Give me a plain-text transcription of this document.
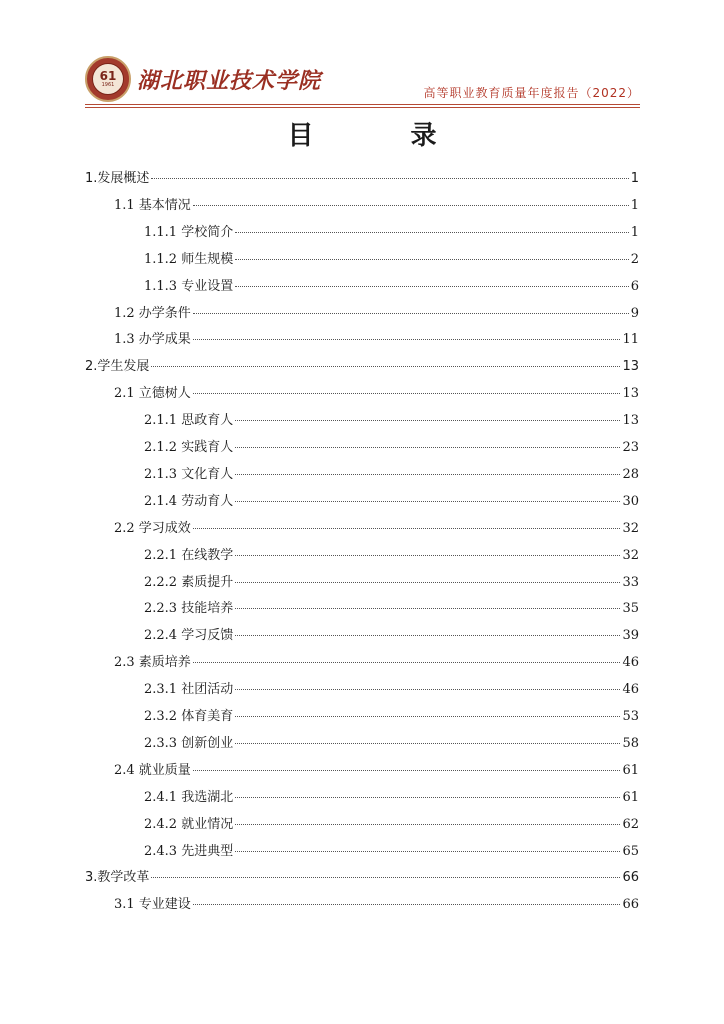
61
1961 湖北职业技术学院	高等职业教育质量年度报告（2022）
目 录
1.发展概述	1
1.1 基本情况	1
1.1.1 学校简介	1
1.1.2 师生规模	2
1.1.3 专业设置	6
1.2 办学条件	9
1.3 办学成果	11
2.学生发展	13
2.1 立德树人	13
2.1.1 思政育人	13
2.1.2 实践育人	23
2.1.3 文化育人	28
2.1.4 劳动育人	30
2.2 学习成效	32
2.2.1 在线教学	32
2.2.2 素质提升	33
2.2.3 技能培养	35
2.2.4 学习反馈	39
2.3 素质培养	46
2.3.1 社团活动	46
2.3.2 体育美育	53
2.3.3 创新创业	58
2.4 就业质量	61
2.4.1 我选湖北	61
2.4.2 就业情况	62
2.4.3 先进典型	65
3.教学改革	66
3.1 专业建设	66
